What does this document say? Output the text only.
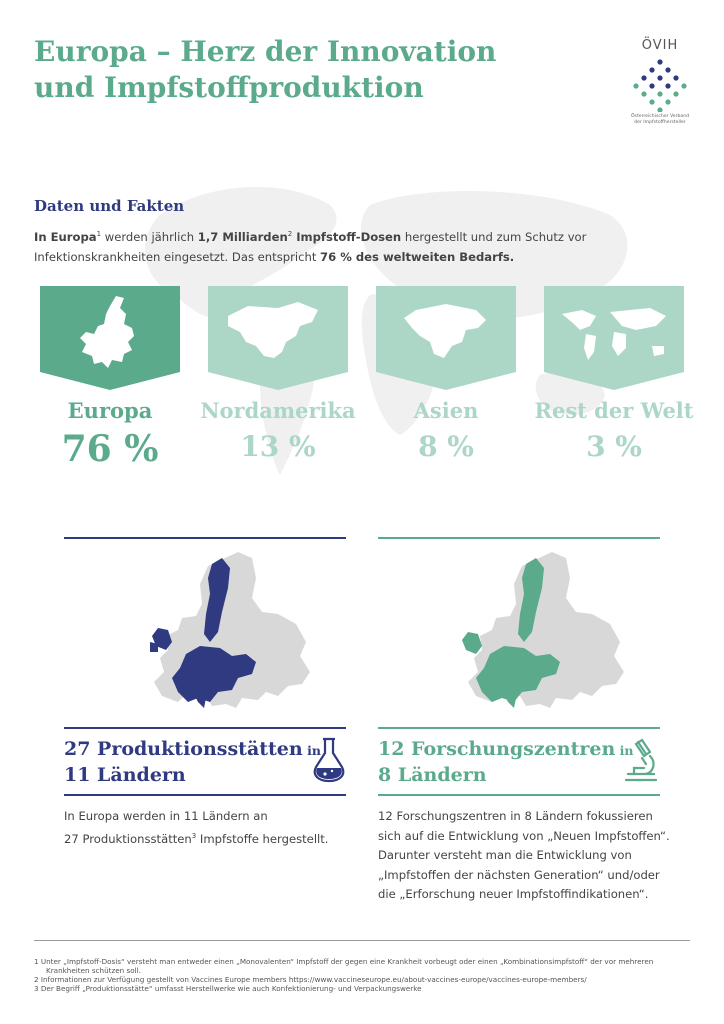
Europa – Herz der Innovation
und Impfstoffproduktion
ÖVIH
Österreichischer Verband
der Impfstoffhersteller
Daten und Fakten
In Europa$^1$ werden jährlich 1,7 Milliarden$^2$ Impfstoff-Dosen hergestellt und zum Schutz vor Infektionskrankheiten eingesetzt. Das entspricht 76 % des weltweiten Bedarfs.
Europa
76 %
Nordamerika
13 %
Asien
8 %
Rest der Welt
3 %
27 Produktionsstätten in
11 Ländern
In Europa werden in 11 Ländern an
27 Produktionsstätten$^3$ Impfstoffe hergestellt.
12 Forschungszentren in
8 Ländern
12 Forschungszentren in 8 Ländern fokussieren
sich auf die Entwicklung von „Neuen Impfstoffen“.
Darunter versteht man die Entwicklung von
„Impfstoffen der nächsten Generation“ und/oder
die „Erforschung neuer Impfstoffindikationen“.
1 Unter „Impfstoff-Dosis“ versteht man entweder einen „Monovalenten“ Impfstoff der gegen eine Krankheit vorbeugt oder einen „Kombinationsimpfstoff“ der vor mehreren Krankheiten schützen soll.
2 Informationen zur Verfügung gestellt von Vaccines Europe members https://www.vaccineseurope.eu/about-vaccines-europe/vaccines-europe-members/
3 Der Begriff „Produktionsstätte“ umfasst Herstellwerke wie auch Konfektionierung- und Verpackungswerke
